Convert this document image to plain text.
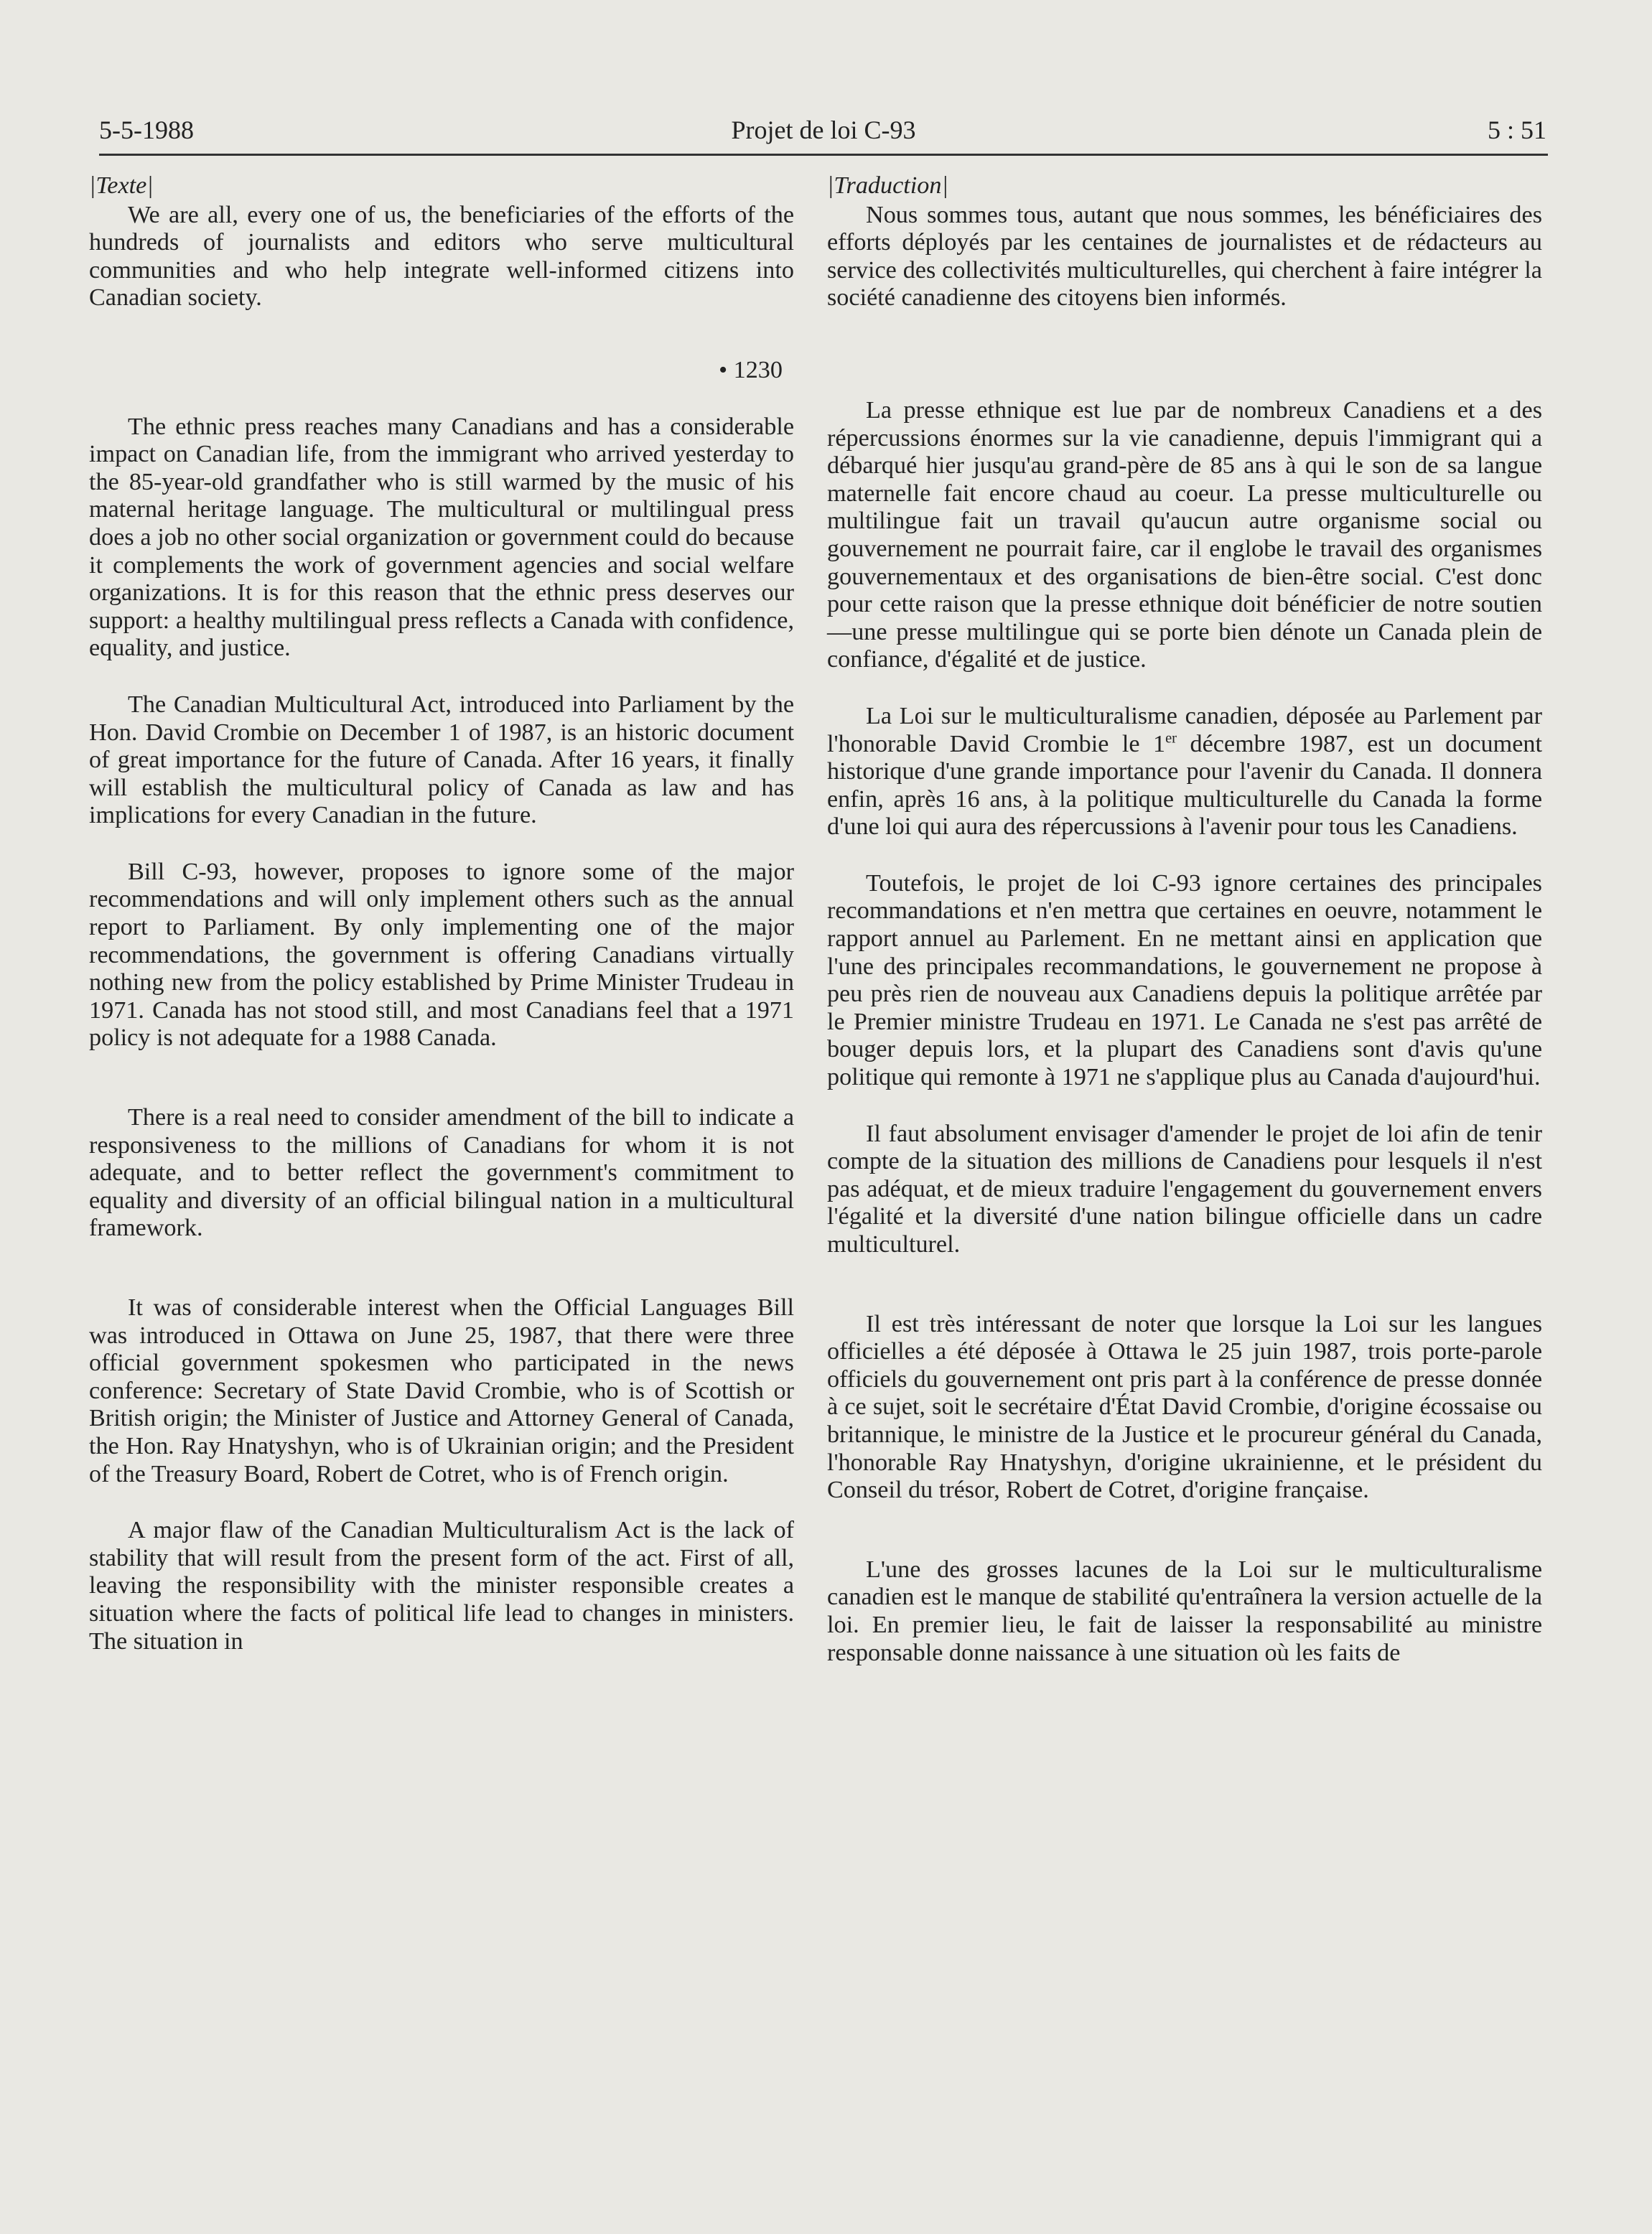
5-5-1988	Projet de loi C-93	5 : 51
|Texte|

We are all, every one of us, the beneficiaries of the efforts of the hundreds of journalists and editors who serve multicultural communities and who help integrate well-informed citizens into Canadian society.

• 1230

The ethnic press reaches many Canadians and has a considerable impact on Canadian life, from the immigrant who arrived yesterday to the 85-year-old grandfather who is still warmed by the music of his maternal heritage language. The multicultural or multilingual press does a job no other social organization or government could do because it complements the work of government agencies and social welfare organizations. It is for this reason that the ethnic press deserves our support: a healthy multilingual press reflects a Canada with confidence, equality, and justice.

The Canadian Multicultural Act, introduced into Parliament by the Hon. David Crombie on December 1 of 1987, is an historic document of great importance for the future of Canada. After 16 years, it finally will establish the multicultural policy of Canada as law and has implications for every Canadian in the future.

Bill C-93, however, proposes to ignore some of the major recommendations and will only implement others such as the annual report to Parliament. By only implementing one of the major recommendations, the government is offering Canadians virtually nothing new from the policy established by Prime Minister Trudeau in 1971. Canada has not stood still, and most Canadians feel that a 1971 policy is not adequate for a 1988 Canada.

There is a real need to consider amendment of the bill to indicate a responsiveness to the millions of Canadians for whom it is not adequate, and to better reflect the government's commitment to equality and diversity of an official bilingual nation in a multicultural framework.

It was of considerable interest when the Official Languages Bill was introduced in Ottawa on June 25, 1987, that there were three official government spokesmen who participated in the news conference: Secretary of State David Crombie, who is of Scottish or British origin; the Minister of Justice and Attorney General of Canada, the Hon. Ray Hnatyshyn, who is of Ukrainian origin; and the President of the Treasury Board, Robert de Cotret, who is of French origin.

A major flaw of the Canadian Multiculturalism Act is the lack of stability that will result from the present form of the act. First of all, leaving the responsibility with the minister responsible creates a situation where the facts of political life lead to changes in ministers. The situation in

|Traduction|

Nous sommes tous, autant que nous sommes, les bénéficiaires des efforts déployés par les centaines de journalistes et de rédacteurs au service des collectivités multiculturelles, qui cherchent à faire intégrer la société canadienne des citoyens bien informés.

La presse ethnique est lue par de nombreux Canadiens et a des répercussions énormes sur la vie canadienne, depuis l'immigrant qui a débarqué hier jusqu'au grand-père de 85 ans à qui le son de sa langue maternelle fait encore chaud au coeur. La presse multiculturelle ou multilingue fait un travail qu'aucun autre organisme social ou gouvernement ne pourrait faire, car il englobe le travail des organismes gouvernementaux et des organisations de bien-être social. C'est donc pour cette raison que la presse ethnique doit bénéficier de notre soutien—une presse multilingue qui se porte bien dénote un Canada plein de confiance, d'égalité et de justice.

La Loi sur le multiculturalisme canadien, déposée au Parlement par l'honorable David Crombie le 1er décembre 1987, est un document historique d'une grande importance pour l'avenir du Canada. Il donnera enfin, après 16 ans, à la politique multiculturelle du Canada la forme d'une loi qui aura des répercussions à l'avenir pour tous les Canadiens.

Toutefois, le projet de loi C-93 ignore certaines des principales recommandations et n'en mettra que certaines en oeuvre, notamment le rapport annuel au Parlement. En ne mettant ainsi en application que l'une des principales recommandations, le gouvernement ne propose à peu près rien de nouveau aux Canadiens depuis la politique arrêtée par le Premier ministre Trudeau en 1971. Le Canada ne s'est pas arrêté de bouger depuis lors, et la plupart des Canadiens sont d'avis qu'une politique qui remonte à 1971 ne s'applique plus au Canada d'aujourd'hui.

Il faut absolument envisager d'amender le projet de loi afin de tenir compte de la situation des millions de Canadiens pour lesquels il n'est pas adéquat, et de mieux traduire l'engagement du gouvernement envers l'égalité et la diversité d'une nation bilingue officielle dans un cadre multiculturel.

Il est très intéressant de noter que lorsque la Loi sur les langues officielles a été déposée à Ottawa le 25 juin 1987, trois porte-parole officiels du gouvernement ont pris part à la conférence de presse donnée à ce sujet, soit le secrétaire d'État David Crombie, d'origine écossaise ou britannique, le ministre de la Justice et le procureur général du Canada, l'honorable Ray Hnatyshyn, d'origine ukrainienne, et le président du Conseil du trésor, Robert de Cotret, d'origine française.

L'une des grosses lacunes de la Loi sur le multiculturalisme canadien est le manque de stabilité qu'entraînera la version actuelle de la loi. En premier lieu, le fait de laisser la responsabilité au ministre responsable donne naissance à une situation où les faits de
